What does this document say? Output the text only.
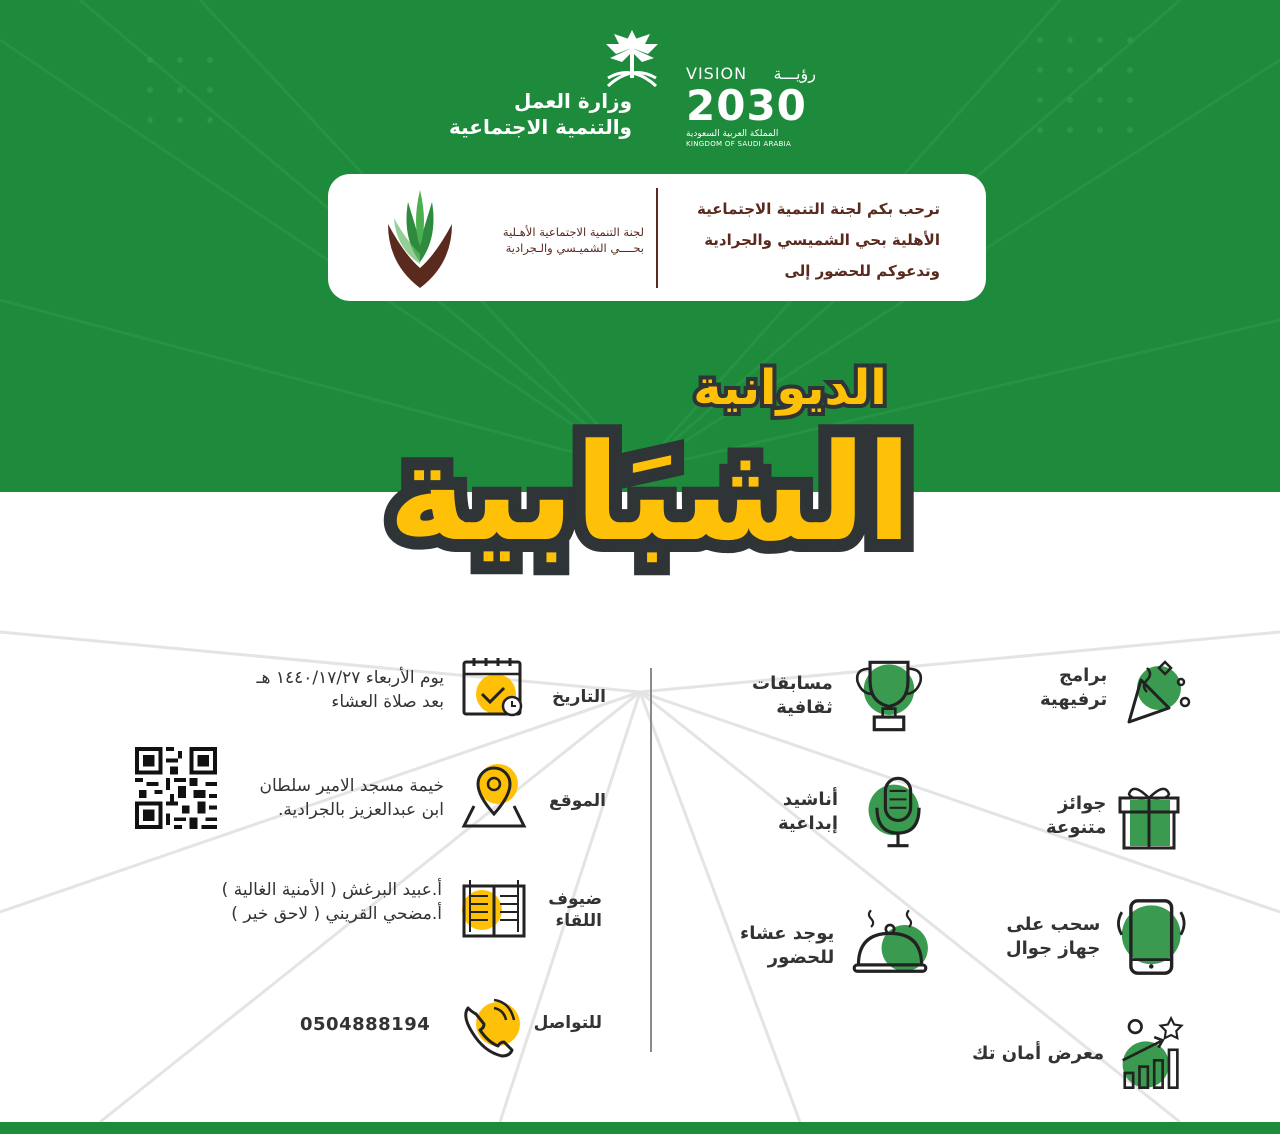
وزارة العمل
والتنمية الاجتماعية
VISION رؤيـــة
2030
المملكة العربية السعودية
KINGDOM OF SAUDI ARABIA
لجنة التنمية الاجتماعية الأهـلية
بحــــي الشميـسي والـجرادية
ترحب بكم لجنة التنمية الاجتماعية
الأهلية بحي الشميسي والجرادية
وتدعوكم للحضور إلى
الديوانية
الشبَابية
برامج
ترفيهية
جوائز
متنوعة
سحب على
جهاز جوال
معرض أمان تك
مسابقات
ثقافية
أناشيد
إبداعية
يوجد عشاء
للحضور
التاريخ
يوم الأربعاء ١٤٤٠/١٧/٢٧ هـ
بعد صلاة العشاء
الموقع
خيمة مسجد الامير سلطان
ابن عبدالعزيز بالجرادية.
ضيوف
اللقاء
أ.عبيد البرغش ( الأمنية الغالية )
أ.مضحي القريني ( لاحق خير )
للتواصل
0504888194
